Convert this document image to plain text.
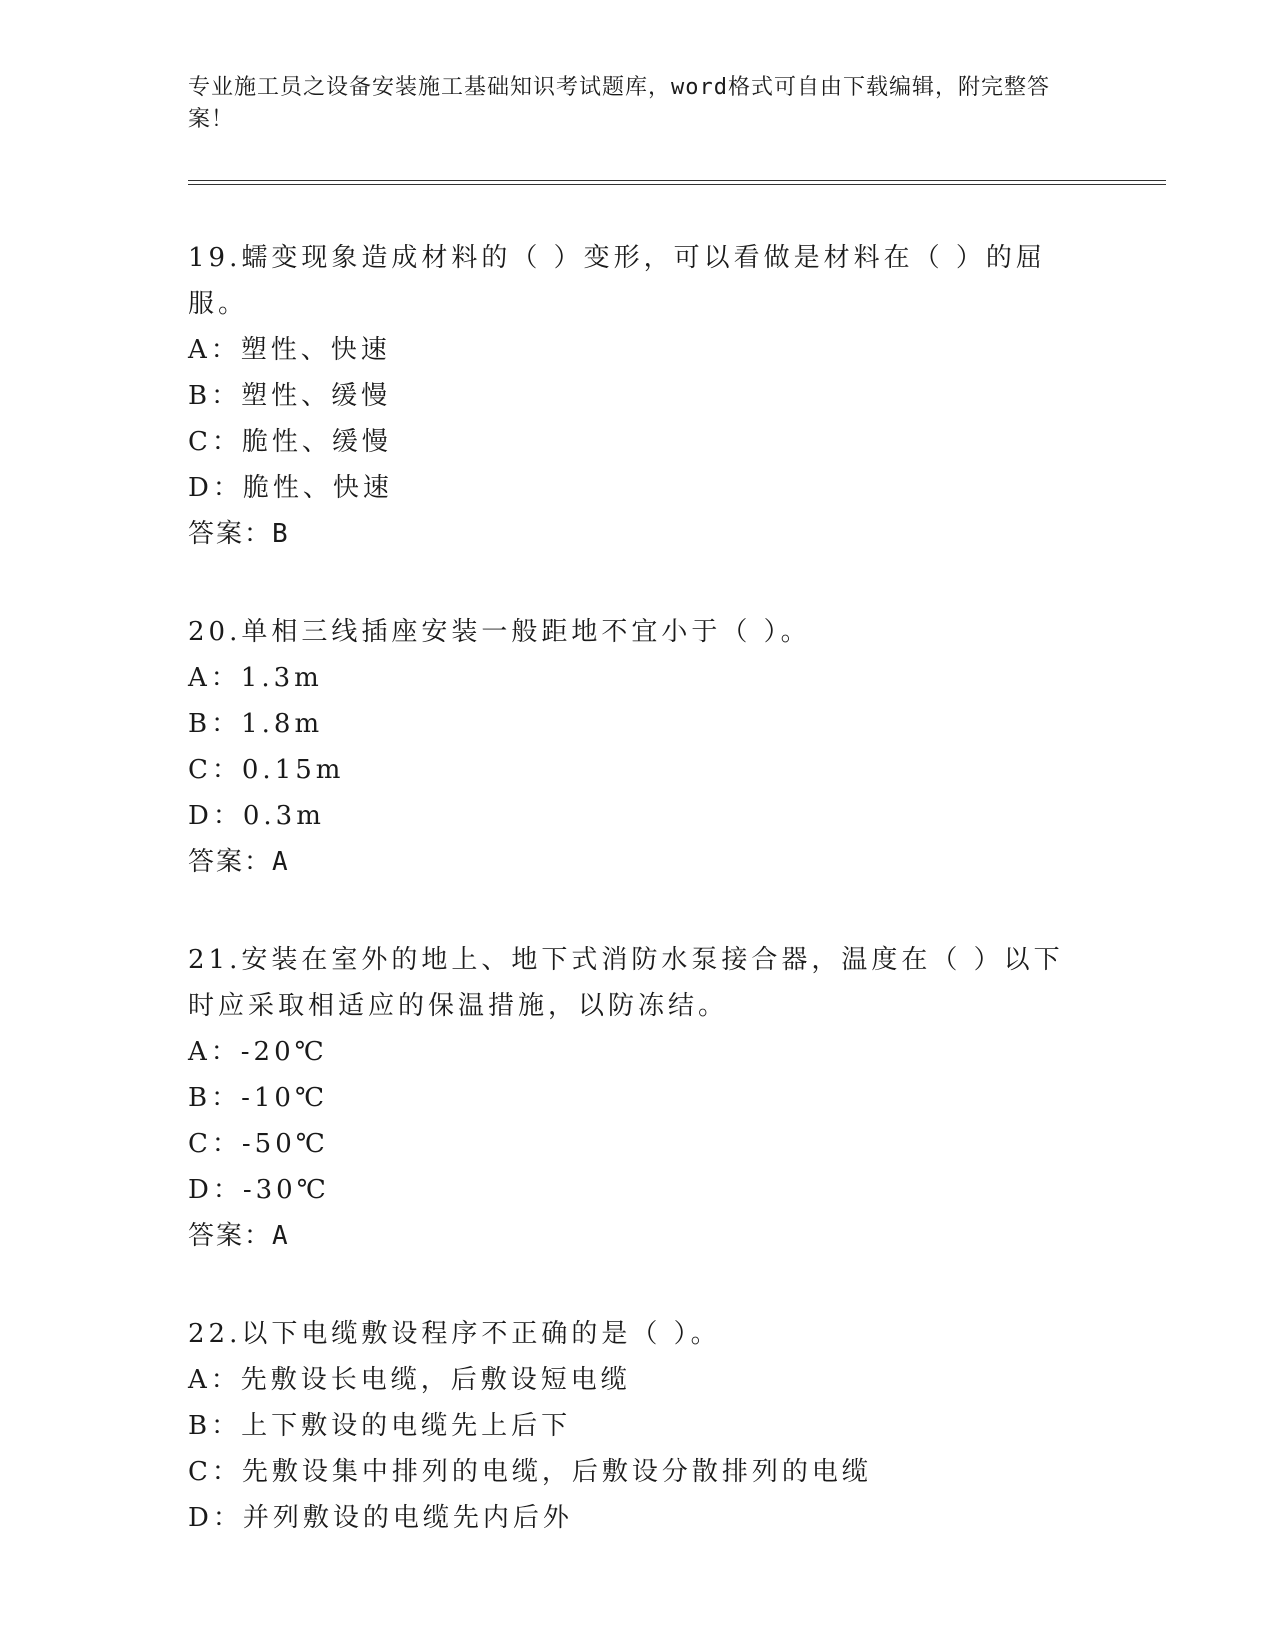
专业施工员之设备安装施工基础知识考试题库，word格式可自由下载编辑，附完整答案！
19.蠕变现象造成材料的（ ）变形，可以看做是材料在（ ）的屈服。
A：塑性、快速
B：塑性、缓慢
C：脆性、缓慢
D：脆性、快速
答案：B
20.单相三线插座安装一般距地不宜小于（ ）。
A：1.3m
B：1.8m
C：0.15m
D：0.3m
答案：A
21.安装在室外的地上、地下式消防水泵接合器，温度在（ ）以下时应采取相适应的保温措施，以防冻结。
A：-20℃
B：-10℃
C：-50℃
D：-30℃
答案：A
22.以下电缆敷设程序不正确的是（ ）。
A：先敷设长电缆，后敷设短电缆
B：上下敷设的电缆先上后下
C：先敷设集中排列的电缆，后敷设分散排列的电缆
D：并列敷设的电缆先内后外
